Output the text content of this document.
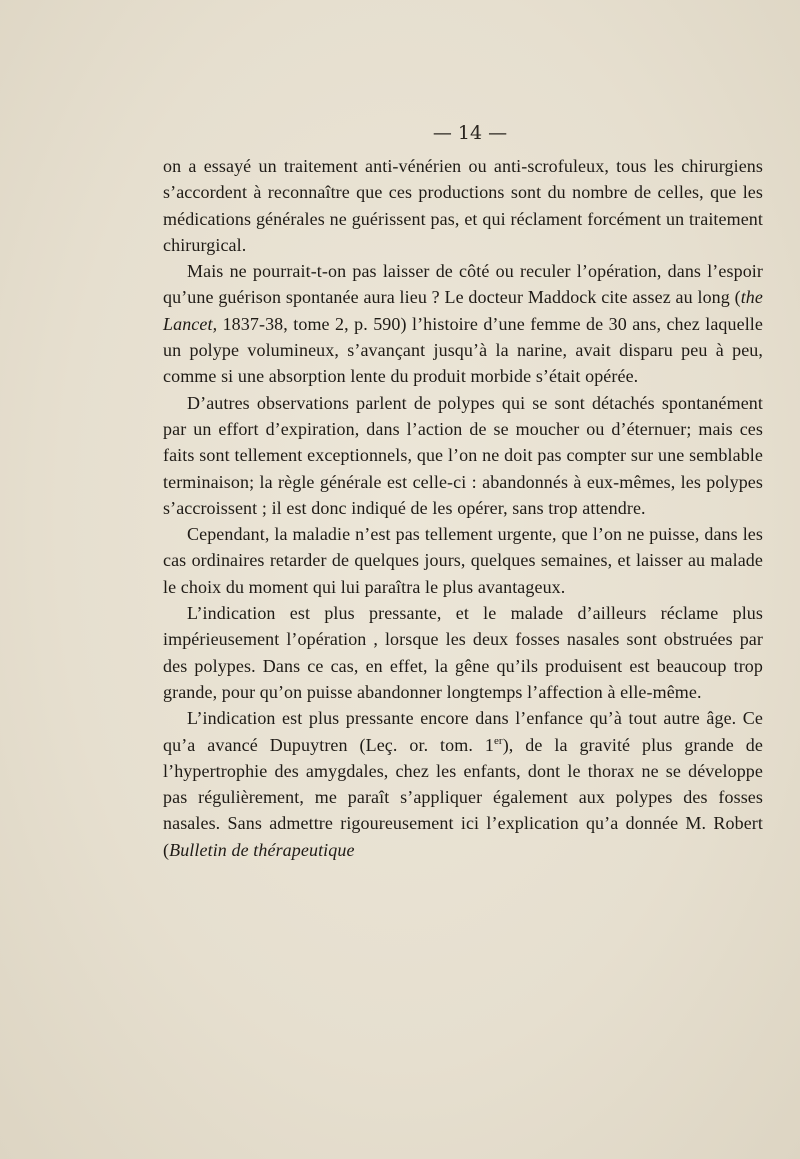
— 14 —

on a essayé un traitement anti-vénérien ou anti-scrofuleux, tous les chirurgiens s’accordent à reconnaître que ces productions sont du nombre de celles, que les médications générales ne guérissent pas, et qui réclament forcément un traitement chirurgical.

Mais ne pourrait-t-on pas laisser de côté ou reculer l’opération, dans l’espoir qu’une guérison spontanée aura lieu ? Le docteur Maddock cite assez au long (the Lancet, 1837-38, tome 2, p. 590) l’histoire d’une femme de 30 ans, chez laquelle un polype volumineux, s’avançant jusqu’à la narine, avait disparu peu à peu, comme si une absorption lente du produit morbide s’était opérée.

D’autres observations parlent de polypes qui se sont détachés spontanément par un effort d’expiration, dans l’action de se moucher ou d’éternuer; mais ces faits sont tellement exceptionnels, que l’on ne doit pas compter sur une semblable terminaison; la règle générale est celle-ci : abandonnés à eux-mêmes, les polypes s’accroissent ; il est donc indiqué de les opérer, sans trop attendre.

Cependant, la maladie n’est pas tellement urgente, que l’on ne puisse, dans les cas ordinaires retarder de quelques jours, quelques semaines, et laisser au malade le choix du moment qui lui paraîtra le plus avantageux.

L’indication est plus pressante, et le malade d’ailleurs réclame plus impérieusement l’opération , lorsque les deux fosses nasales sont obstruées par des polypes. Dans ce cas, en effet, la gêne qu’ils produisent est beaucoup trop grande, pour qu’on puisse abandonner longtemps l’affection à elle-même.

L’indication est plus pressante encore dans l’enfance qu’à tout autre âge. Ce qu’a avancé Dupuytren (Leç. or. tom. 1er), de la gravité plus grande de l’hypertrophie des amygdales, chez les enfants, dont le thorax ne se développe pas régulièrement, me paraît s’appliquer également aux polypes des fosses nasales. Sans admettre rigoureusement ici l’explication qu’a donnée M. Robert (Bulletin de thérapeutique
